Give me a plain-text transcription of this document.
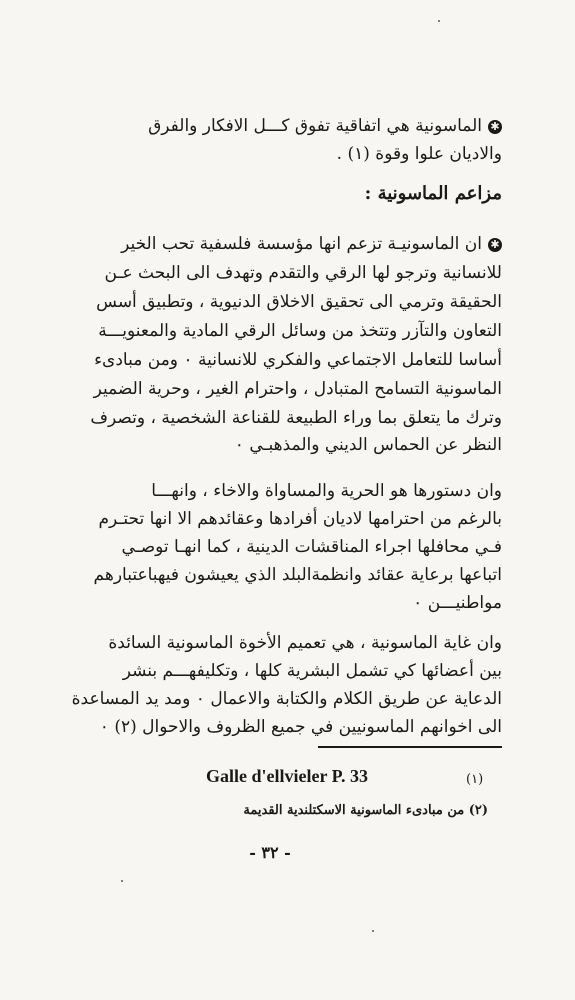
✱الماسونية هي اتفاقية تفوق كـــل الافكار والفرق
والاديان علوا وقوة (١) .
مزاعم الماسونية :
✱ان الماسونيـة تزعم انها مؤسسة فلسفية تحب الخير
للانسانية وترجو لها الرقي والتقدم وتهدف الى البحث عـن
الحقيقة وترمي الى تحقيق الاخلاق الدنيوية ، وتطبيق أسس
التعاون والتآزر وتتخذ من وسائل الرقي المادية والمعنويـــة
أساسا للتعامل الاجتماعي والفكري للانسانية ٠ ومن مبادىء
الماسونية التسامح المتبادل ، واحترام الغير ، وحرية الضمير
وترك ما يتعلق بما وراء الطبيعة للقناعة الشخصية ، وتصرف
النظر عن الحماس الديني والمذهبـي ٠
وان دستورها هو الحرية والمساواة والاخاء ، وانهـــا
بالرغم من احترامها لاديان أفرادها وعقائدهم الا انها تحتـرم
فـي محافلها اجراء المناقشات الدينية ، كما انهـا توصـي
اتباعها برعاية عقائد وانظمةالبلد الذي يعيشون فيهباعتبارهم
مواطنيـــن ٠
وان غاية الماسونية ، هي تعميم الأخوة الماسونية السائدة
بين أعضائها كي تشمل البشرية كلها ، وتكليفهـــم بنشر
الدعاية عن طريق الكلام والكتابة والاعمال ٠ ومد يد المساعدة
الى اخوانهم الماسونيين في جميع الظروف والاحوال (٢) ٠
Galle d'ellvieler P. 33	(١)
(٢) من مبادىء الماسونية الاسكتلندية القديمة
- ٣٢ -
